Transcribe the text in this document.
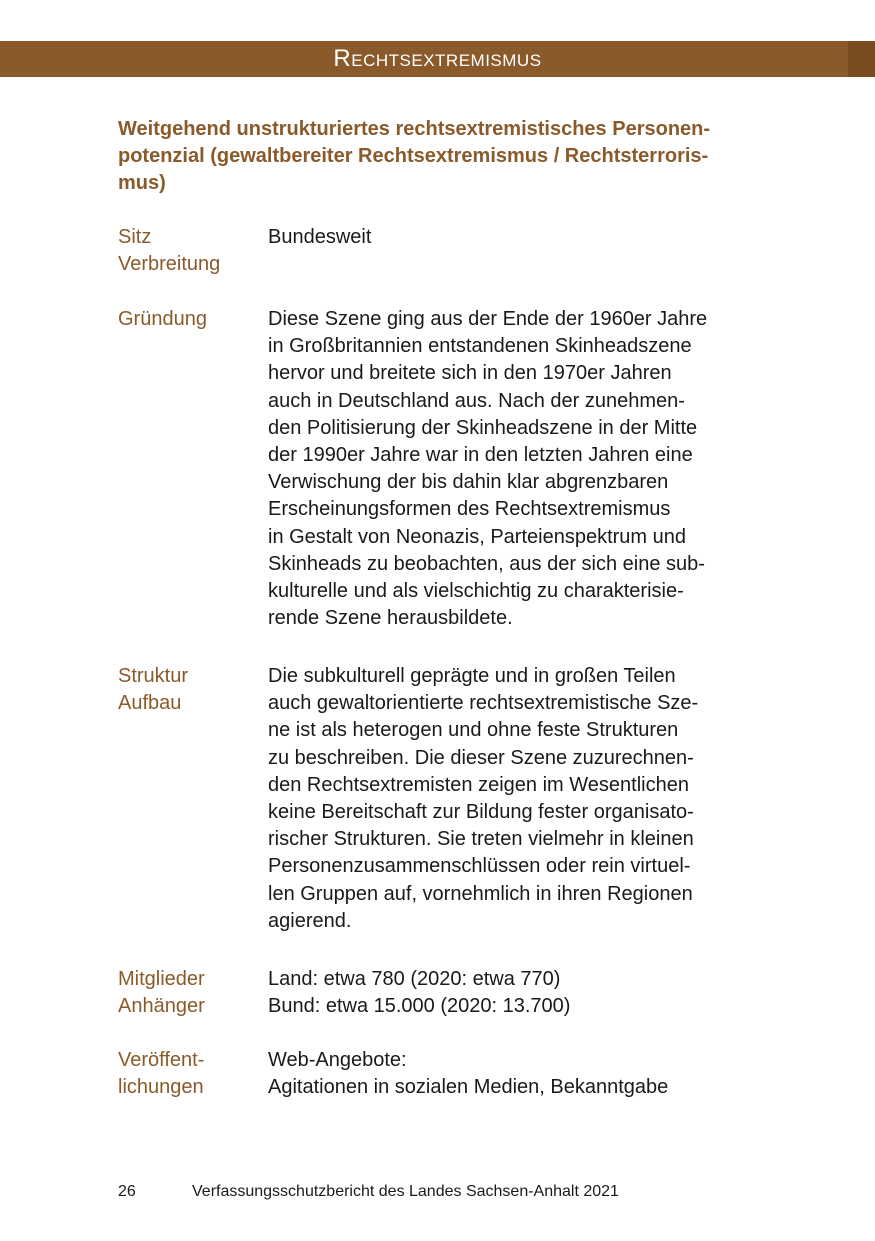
Rechtsextremismus
Weitgehend unstrukturiertes rechtsextremistisches Personen-
potenzial (gewaltbereiter Rechtsextremismus / Rechtsterroris-
mus)
Sitz
Verbreitung
Bundesweit
Gründung	Diese Szene ging aus der Ende der 1960er Jahre
in Großbritannien entstandenen Skinheadszene
hervor und breitete sich in den 1970er Jahren
auch in Deutschland aus. Nach der zunehmen-
den Politisierung der Skinheadszene in der Mitte
der 1990er Jahre war in den letzten Jahren eine
Verwischung der bis dahin klar abgrenzbaren
Erscheinungsformen des Rechtsextremismus
in Gestalt von Neonazis, Parteienspektrum und
Skinheads zu beobachten, aus der sich eine sub-
kulturelle und als vielschichtig zu charakterisie-
rende Szene herausbildete.
Struktur
Aufbau
Die subkulturell geprägte und in großen Teilen
auch gewaltorientierte rechtsextremistische Sze-
ne ist als heterogen und ohne feste Strukturen
zu beschreiben. Die dieser Szene zuzurechnen-
den Rechtsextremisten zeigen im Wesentlichen
keine Bereitschaft zur Bildung fester organisato-
rischer Strukturen. Sie treten vielmehr in kleinen
Personenzusammenschlüssen oder rein virtuel-
len Gruppen auf, vornehmlich in ihren Regionen
agierend.
Mitglieder
Anhänger
Land: etwa 780 (2020: etwa 770)
Bund: etwa 15.000 (2020: 13.700)
Veröffent-
lichungen
Web-Angebote:
Agitationen in sozialen Medien, Bekanntgabe
26	Verfassungsschutzbericht des Landes Sachsen-Anhalt 2021
